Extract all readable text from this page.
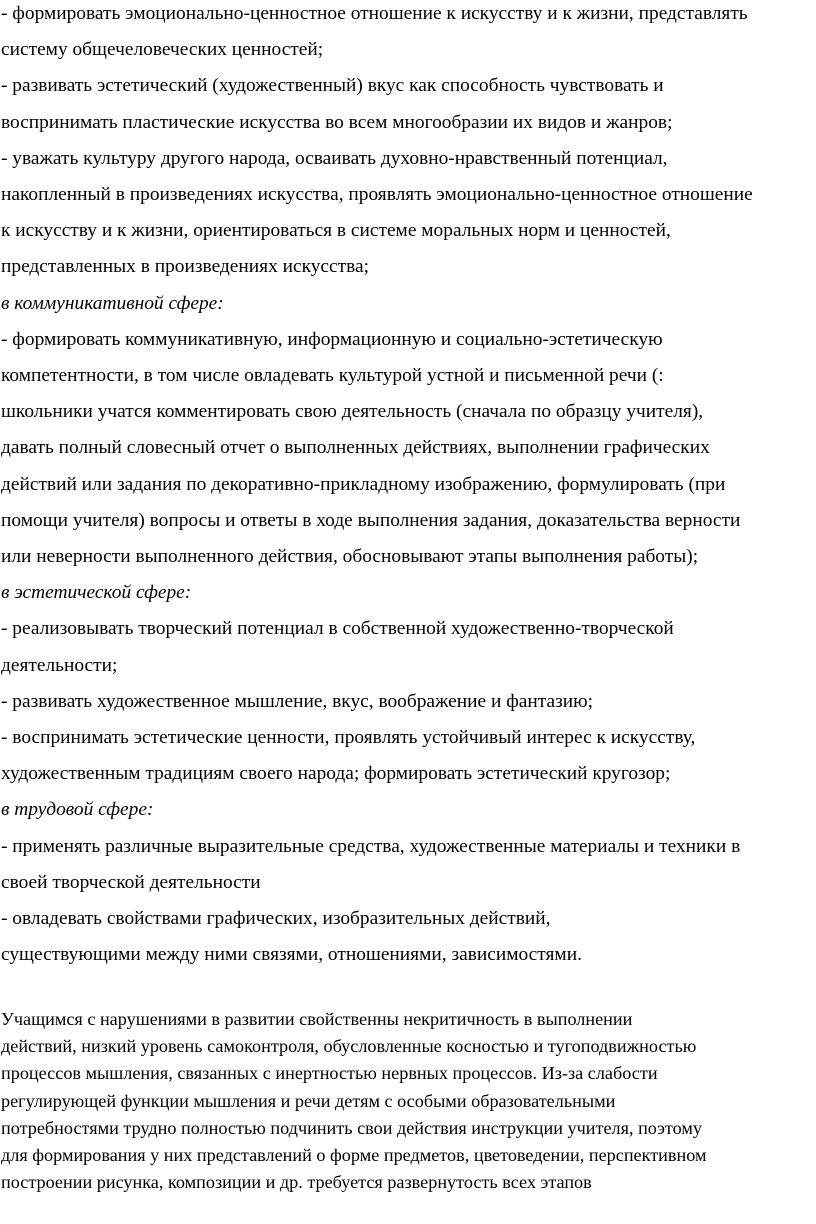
- формировать эмоционально-ценностное отношение к искусству и к жизни, представлять
систему общечеловеческих ценностей;
- развивать эстетический (художественный) вкус как способность чувствовать и
воспринимать пластические искусства во всем многообразии их видов и жанров;
- уважать культуру другого народа, осваивать духовно-нравственный потенциал,
накопленный в произведениях искусства, проявлять эмоционально-ценностное отношение
к искусству и к жизни, ориентироваться в системе моральных норм и ценностей,
представленных в произведениях искусства;
в коммуникативной сфере:
- формировать коммуникативную, информационную и социально-эстетическую
компетентности, в том числе овладевать культурой устной и письменной речи (:
школьники учатся комментировать свою деятельность (сначала по образцу учителя),
давать полный словесный отчет о выполненных действиях, выполнении графических
действий или задания по декоративно-прикладному изображению, формулировать (при
помощи учителя) вопросы и ответы в ходе выполнения задания, доказательства верности
или неверности выполненного действия, обосновывают этапы выполнения работы);
в эстетической сфере:
- реализовывать творческий потенциал в собственной художественно-творческой
деятельности;
- развивать художественное мышление, вкус, воображение и фантазию;
- воспринимать эстетические ценности, проявлять устойчивый интерес к искусству,
художественным традициям своего народа; формировать эстетический кругозор;
в трудовой сфере:
- применять различные выразительные средства, художественные материалы и техники в
своей творческой деятельности
- овладевать свойствами графических, изобразительных действий,
существующими между ними связями, отношениями, зависимостями.
Учащимся с нарушениями в развитии свойственны некритичность в выполнении
действий, низкий уровень самоконтроля, обусловленные косностью и тугоподвижностью
процессов мышления, связанных с инертностью нервных процессов. Из-за слабости
регулирующей функции мышления и речи детям с особыми образовательными
потребностями трудно полностью подчинить свои действия инструкции учителя, поэтому
для формирования у них представлений о форме предметов, цветоведении, перспективном
построении рисунка, композиции и др. требуется развернутость всех этапов
